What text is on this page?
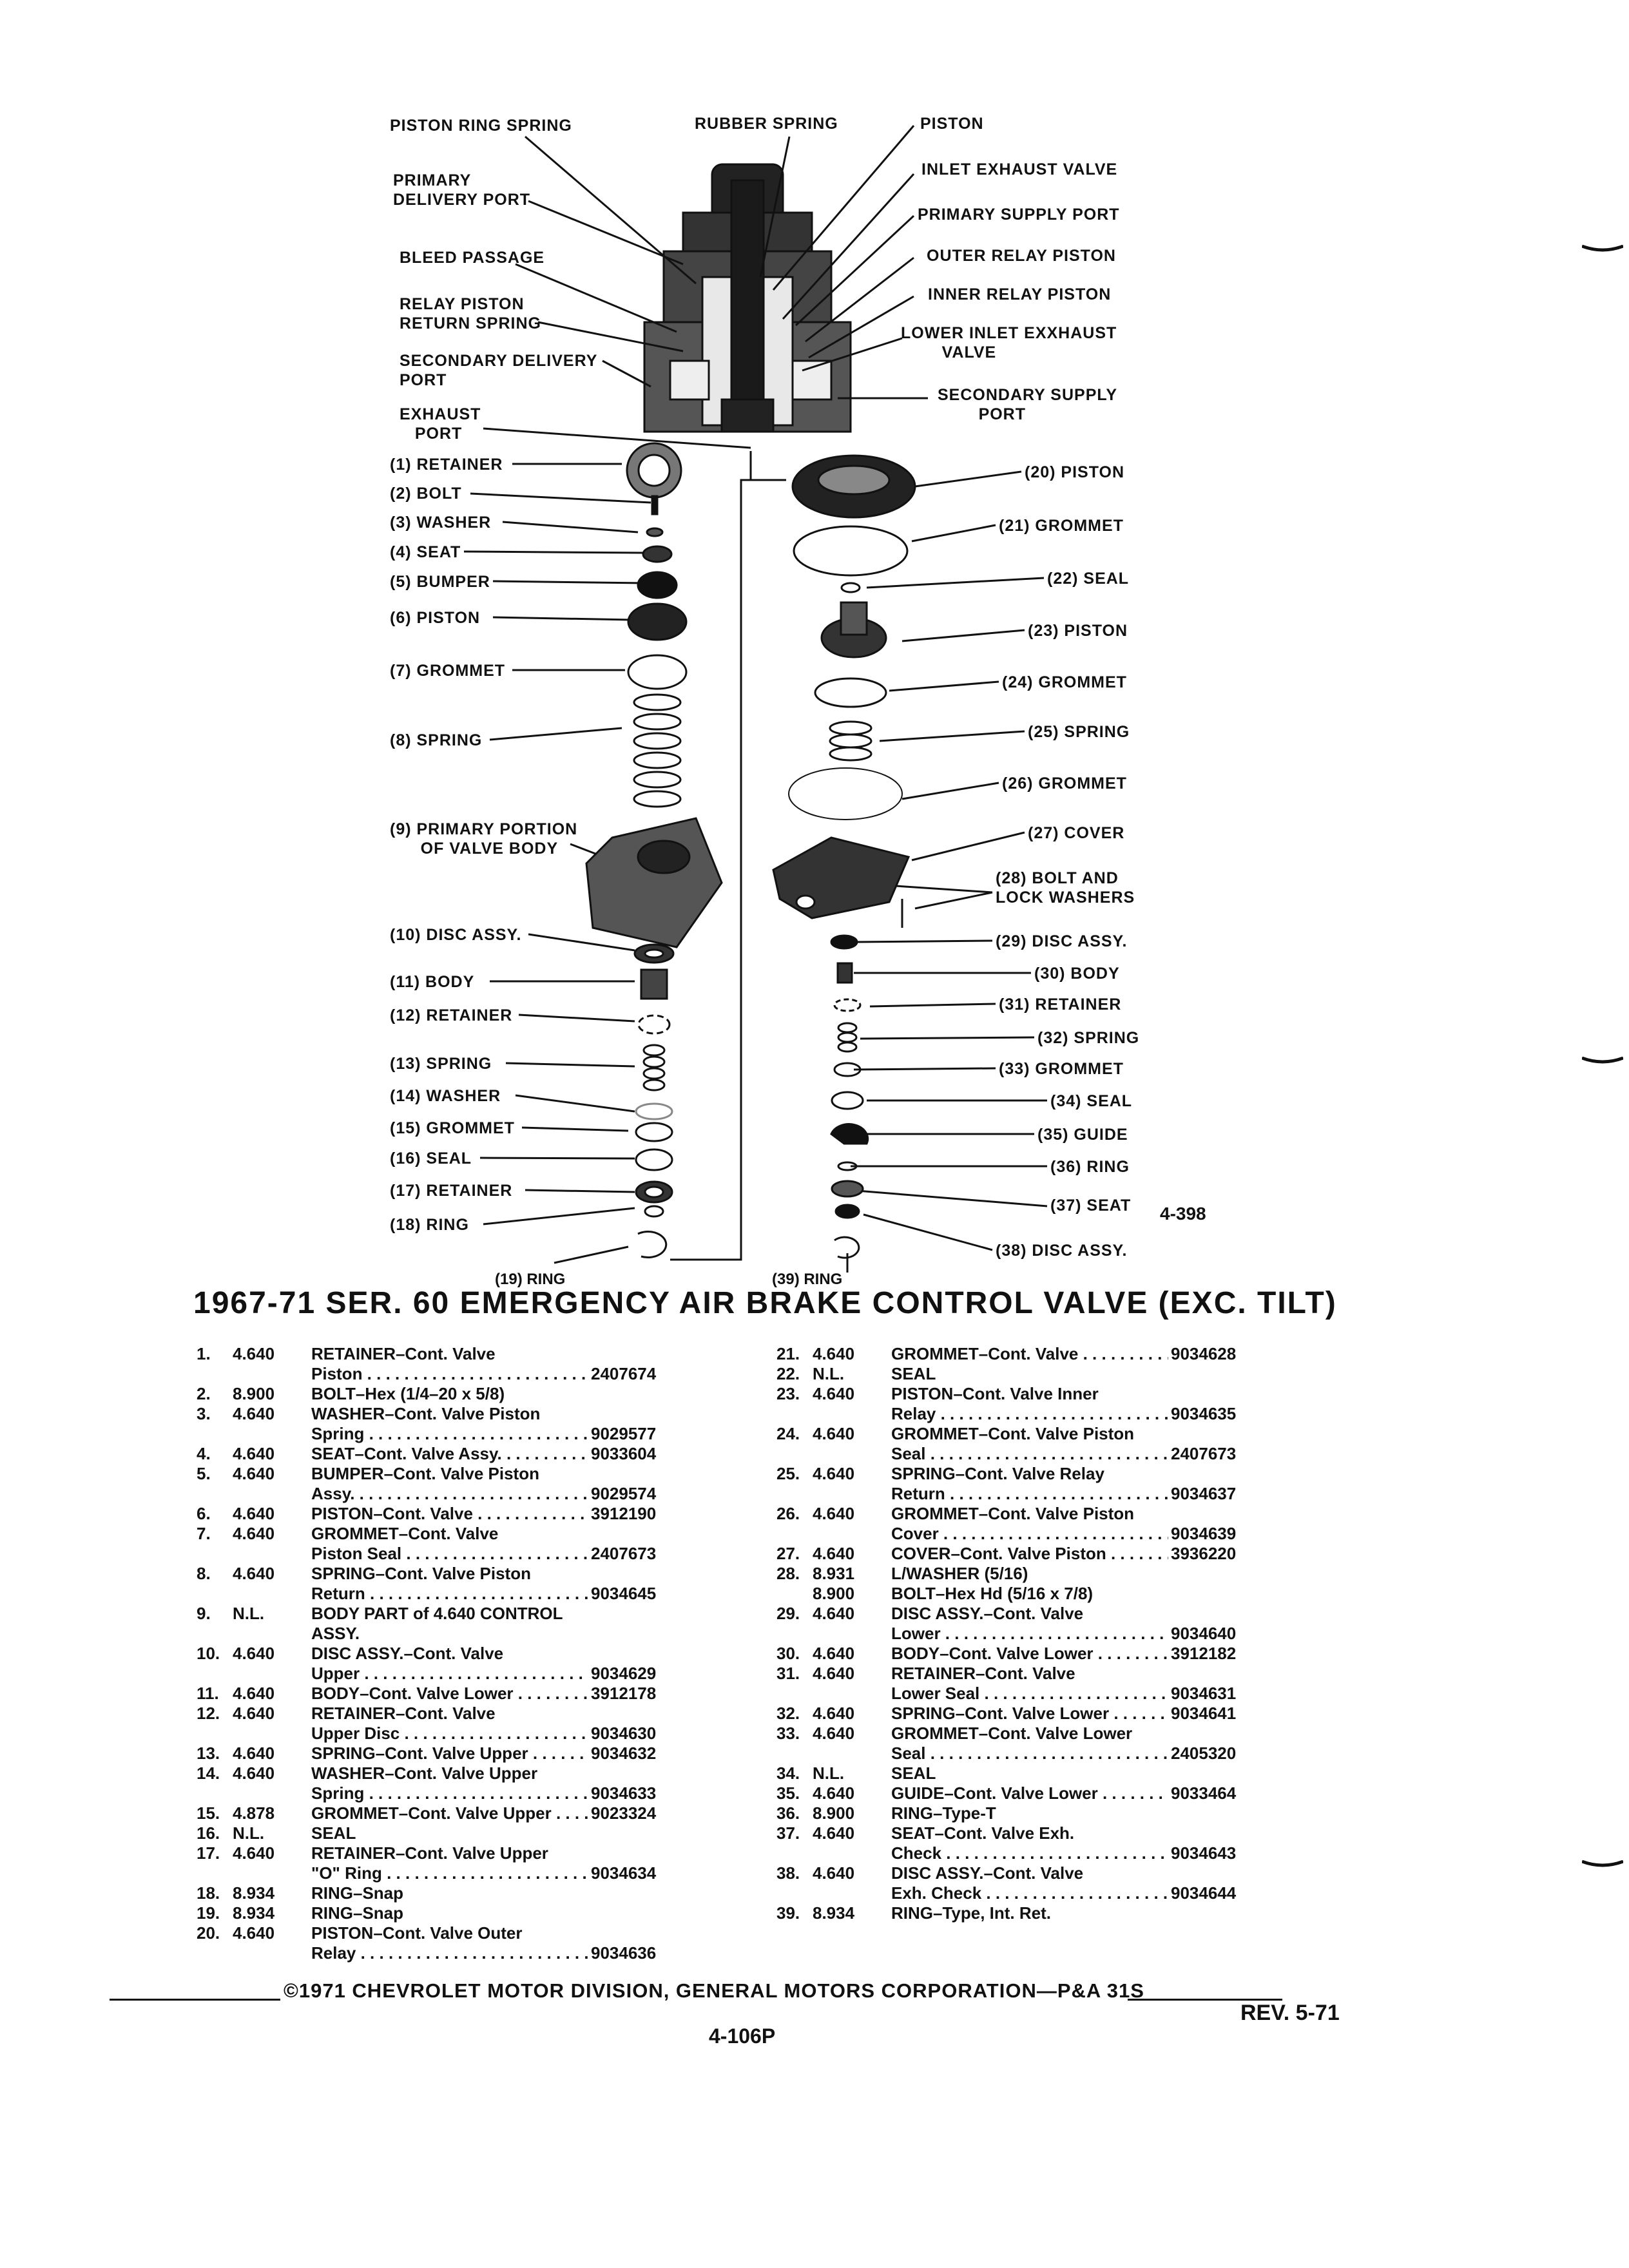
PISTON RING SPRING	RUBBER SPRING	PISTON
PRIMARY
DELIVERY PORT
INLET EXHAUST VALVE
PRIMARY SUPPLY PORT
BLEED PASSAGE	OUTER RELAY PISTON
RELAY PISTON
RETURN SPRING
INNER RELAY PISTON
LOWER INLET EXXHAUST
VALVE
SECONDARY DELIVERY
PORT
SECONDARY SUPPLY
PORT
EXHAUST
PORT
(1) RETAINER
(2) BOLT
(3) WASHER
(4) SEAT
(5) BUMPER
(6) PISTON
(7) GROMMET
(8) SPRING
(9) PRIMARY PORTION
OF VALVE BODY
(10) DISC ASSY.
(11) BODY
(12) RETAINER
(13) SPRING
(14) WASHER
(15) GROMMET
(16) SEAL
(17) RETAINER
(18) RING
(19) RING
(20) PISTON
(21) GROMMET
(22) SEAL
(23) PISTON
(24) GROMMET
(25) SPRING
(26) GROMMET
(27) COVER
(28) BOLT AND
LOCK WASHERS
(29) DISC ASSY.
(30) BODY
(31) RETAINER
(32) SPRING
(33) GROMMET
(34) SEAL
(35) GUIDE
(36) RING
(37) SEAT
(38) DISC ASSY.
(39) RING
4-398
1967-71 SER. 60 EMERGENCY AIR BRAKE CONTROL VALVE (EXC. TILT)
1.	4.640	RETAINER–Cont. Valve
Piston . . .	2407674
2.	8.900	BOLT–Hex (1/4–20 x 5/8)
3.	4.640	WASHER–Cont. Valve Piston
Spring . . .	9029577
4.	4.640	SEAT–Cont. Valve Assy. . . .	9033604
5.	4.640	BUMPER–Cont. Valve Piston
Assy. . . .	9029574
6.	4.640	PISTON–Cont. Valve . . .	3912190
7.	4.640	GROMMET–Cont. Valve
Piston Seal . . .	2407673
8.	4.640	SPRING–Cont. Valve Piston
Return . . .	9034645
9.	N.L.	BODY PART of 4.640 CONTROL
ASSY.
10. 4.640	DISC ASSY.–Cont. Valve
Upper . . .	9034629
11. 4.640	BODY–Cont. Valve Lower . . .	3912178
12. 4.640	RETAINER–Cont. Valve
Upper Disc . . .	9034630
13. 4.640	SPRING–Cont. Valve Upper . . .	9034632
14. 4.640	WASHER–Cont. Valve Upper
Spring . . .	9034633
15. 4.878	GROMMET–Cont. Valve Upper . . .	9023324
16. N.L.	SEAL
17. 4.640	RETAINER–Cont. Valve Upper
"O" Ring . . .	9034634
18. 8.934	RING–Snap
19. 8.934	RING–Snap
20. 4.640	PISTON–Cont. Valve Outer
Relay . . .	9034636
21. 4.640	GROMMET–Cont. Valve . . .	9034628
22. N.L.	SEAL
23. 4.640	PISTON–Cont. Valve Inner
Relay . . .	9034635
24. 4.640	GROMMET–Cont. Valve Piston
Seal . . .	2407673
25. 4.640	SPRING–Cont. Valve Relay
Return . . .	9034637
26. 4.640	GROMMET–Cont. Valve Piston
Cover . . .	9034639
27. 4.640	COVER–Cont. Valve Piston . . .	3936220
28. 8.931	L/WASHER (5/16)
8.900	BOLT–Hex Hd (5/16 x 7/8)
29. 4.640	DISC ASSY.–Cont. Valve
Lower . . .	9034640
30. 4.640	BODY–Cont. Valve Lower . . .	3912182
31. 4.640	RETAINER–Cont. Valve
Lower Seal . . .	9034631
32. 4.640	SPRING–Cont. Valve Lower . . .	9034641
33. 4.640	GROMMET–Cont. Valve Lower
Seal . . .	2405320
34. N.L.	SEAL
35. 4.640	GUIDE–Cont. Valve Lower . . .	9033464
36. 8.900	RING–Type-T
37. 4.640	SEAT–Cont. Valve Exh.
Check . . .	9034643
38. 4.640	DISC ASSY.–Cont. Valve
Exh. Check . . .	9034644
39. 8.934	RING–Type, Int. Ret.
©1971 CHEVROLET MOTOR DIVISION, GENERAL MOTORS CORPORATION—P&A 31S
REV. 5-71
4-106P
